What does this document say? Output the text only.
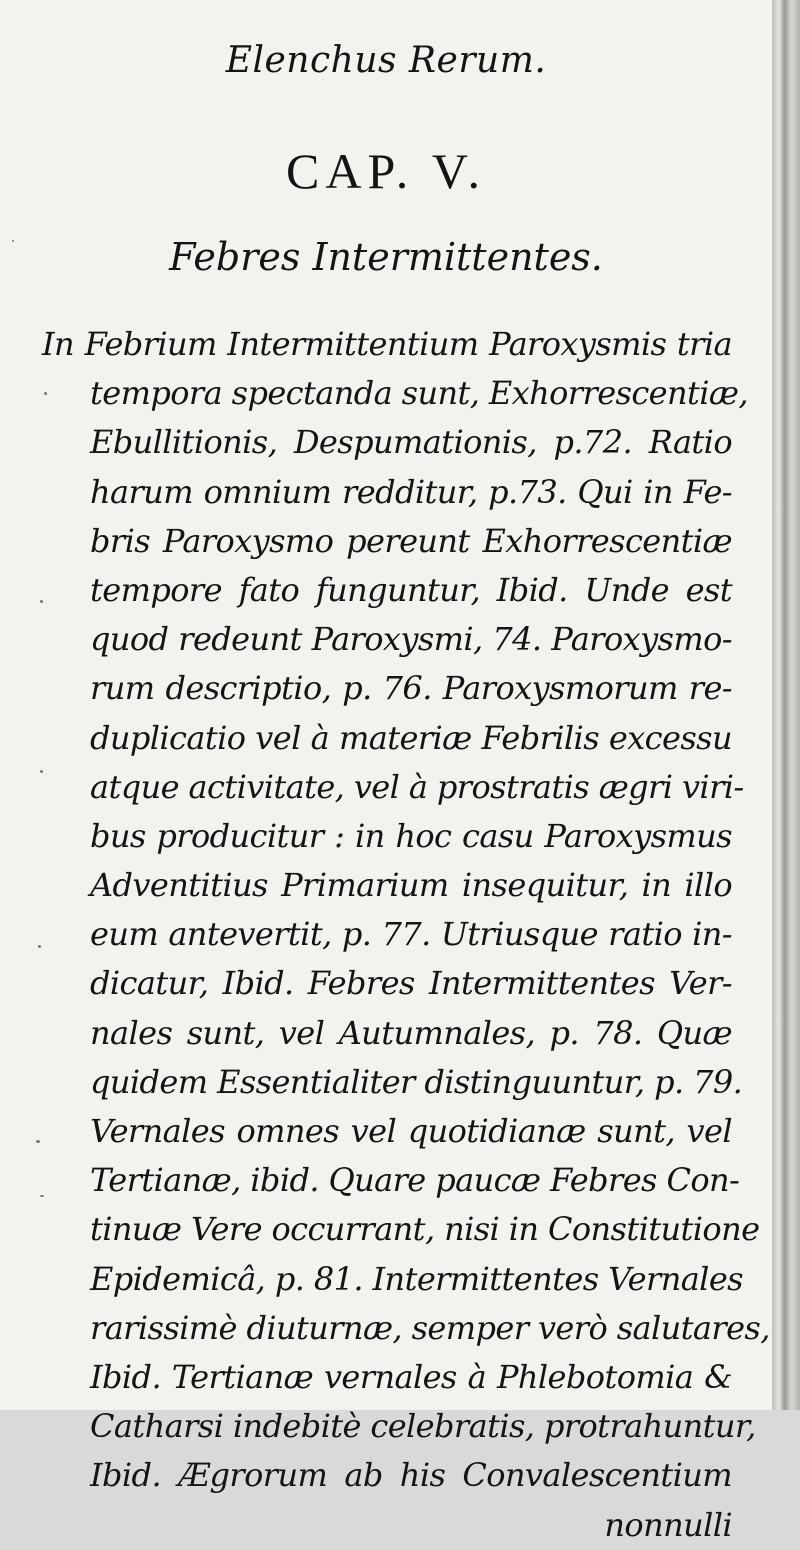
Elenchus Rerum.
CAP. V.
Febres Intermittentes.
In Febrium Intermittentium Paroxysmis tria
tempora spectanda sunt, Exhorrescentiæ,
Ebullitionis, Despumationis, p.72. Ratio
harum omnium redditur, p.73. Qui in Fe-
bris Paroxysmo pereunt Exhorrescentiæ
tempore fato funguntur, Ibid. Unde est
quod redeunt Paroxysmi, 74. Paroxysmo-
rum descriptio, p. 76. Paroxysmorum re-
duplicatio vel à materiæ Febrilis excessu
atque activitate, vel à prostratis ægri viri-
bus producitur : in hoc casu Paroxysmus
Adventitius Primarium insequitur, in illo
eum antevertit, p. 77. Utriusque ratio in-
dicatur, Ibid. Febres Intermittentes Ver-
nales sunt, vel Autumnales, p. 78. Quæ
quidem Essentialiter distinguuntur, p. 79.
Vernales omnes vel quotidianæ sunt, vel
Tertianæ, ibid. Quare paucæ Febres Con-
tinuæ Vere occurrant, nisi in Constitutione
Epidemicâ, p. 81. Intermittentes Vernales
rarissimè diuturnæ, semper verò salutares,
Ibid. Tertianæ vernales à Phlebotomia &
Catharsi indebitè celebratis, protrahuntur,
Ibid. Ægrorum ab his Convalescentium
nonnulli
